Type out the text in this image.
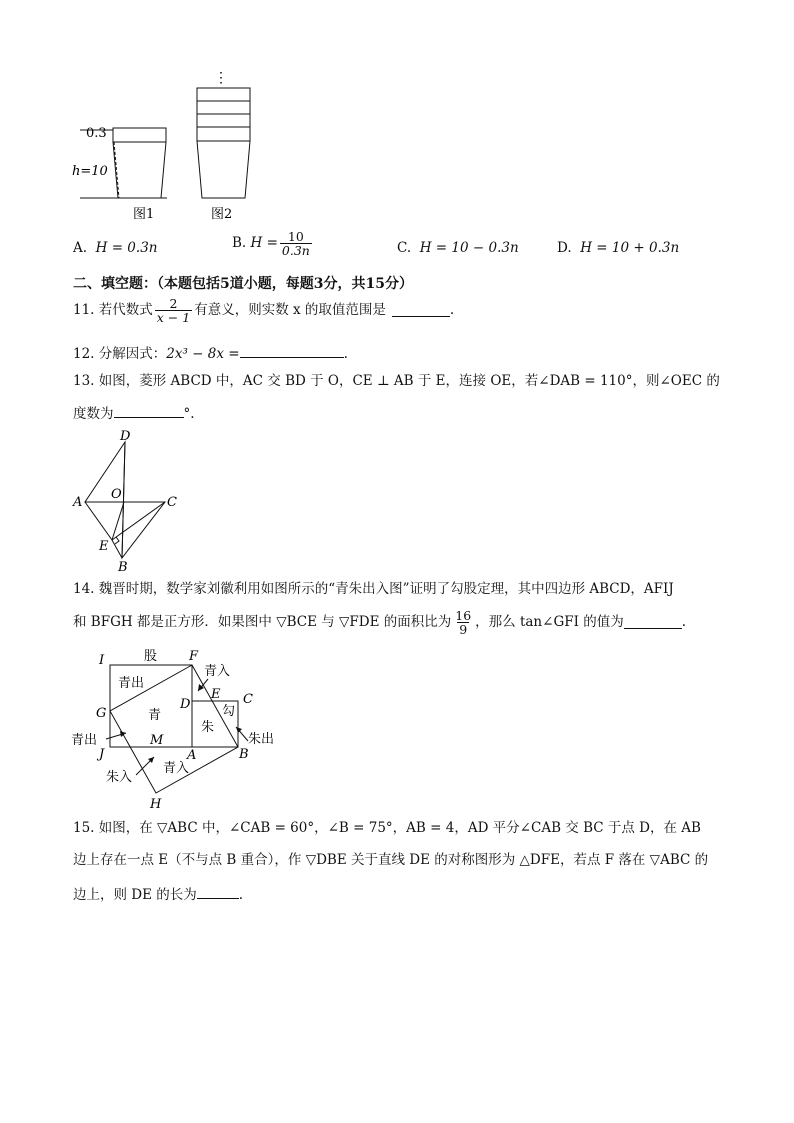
⋮
0.3
h=10
图1	图2
A. H = 0.3n	B.
$H = \frac{10}{0.3n}$	C. H = 10 − 0.3n	D. H = 10 + 0.3n
二、填空题：（本题包括5道小题，每题3分，共15分）
11. 若代数式 $\frac{2}{x - 1}$ 有意义，则实数 x 的取值范围是	.
12. 分解因式：2x³ − 8x =	.
13. 如图，菱形 ABCD 中，AC 交 BD 于 O，CE ⊥ AB 于 E，连接 OE，若∠DAB = 110°，则∠OEC 的
度数为	°.
D
A
O
C
E
B
14. 魏晋时期，数学家刘徽利用如图所示的“青朱出入图”证明了勾股定理，其中四边形 ABCD，AFIJ
和 BFGH 都是正方形．如果图中 ▽BCE 与 ▽FDE 的面积比为 $\frac{16}{9}$ ，那么 tan∠GFI 的值为	.
股
青出
青
朱
勾
青入
青入
朱出
青出
朱入
I	F
G
D
E C
J
M
A	B
H
15. 如图，在 ▽ABC 中，∠CAB = 60°，∠B = 75°，AB = 4，AD 平分∠CAB 交 BC 于点 D，在 AB
边上存在一点 E（不与点 B 重合），作 ▽DBE 关于直线 DE 的对称图形为 △DFE，若点 F 落在 ▽ABC 的
边上，则 DE 的长为	.
